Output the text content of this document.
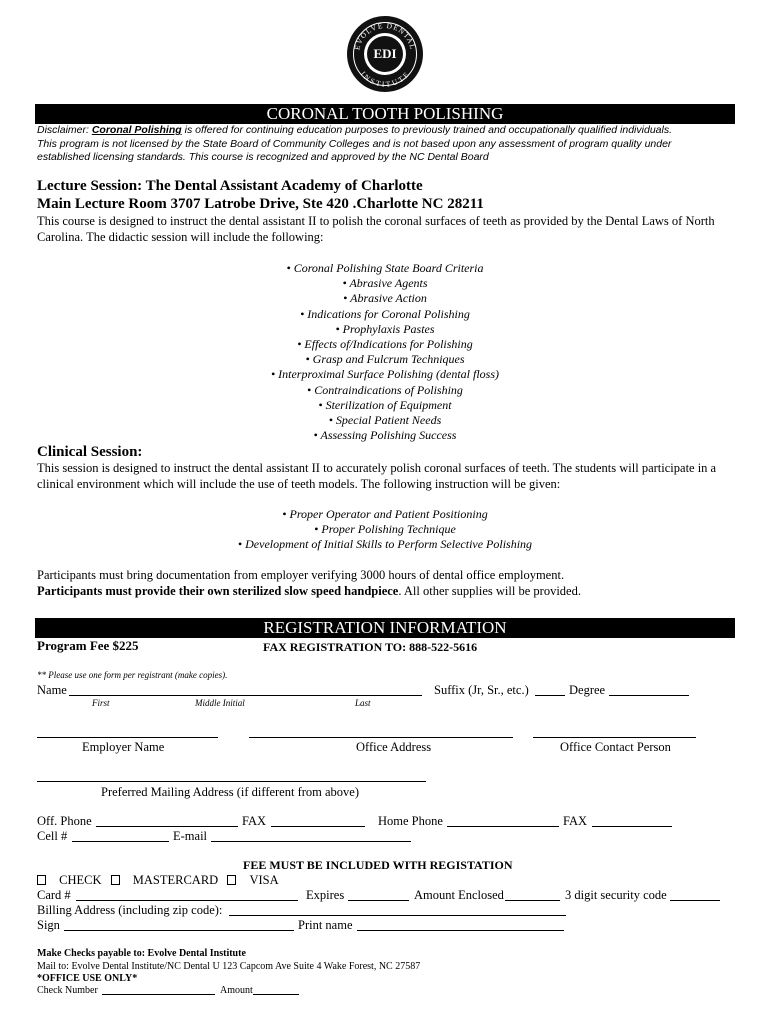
EVOLVE DENTAL
INSTITUTE
EDI
CORONAL TOOTH POLISHING
Disclaimer: Coronal Polishing is offered for continuing education purposes to previously trained and occupationally qualified individuals.
This program is not licensed by the State Board of Community Colleges and is not based upon any assessment of program quality under
established licensing standards. This course is recognized and approved by the NC Dental Board
Lecture Session: The Dental Assistant Academy of Charlotte
Main Lecture Room 3707 Latrobe Drive, Ste 420 .Charlotte NC 28211
This course is designed to instruct the dental assistant II to polish the coronal surfaces of teeth as provided by the Dental Laws of North
Carolina. The didactic session will include the following:
• Coronal Polishing State Board Criteria
• Abrasive Agents
• Abrasive Action
• Indications for Coronal Polishing
• Prophylaxis Pastes
• Effects of/Indications for Polishing
• Grasp and Fulcrum Techniques
• Interproximal Surface Polishing (dental floss)
• Contraindications of Polishing
• Sterilization of Equipment
• Special Patient Needs
• Assessing Polishing Success
Clinical Session:
This session is designed to instruct the dental assistant II to accurately polish coronal surfaces of teeth. The students will participate in a
clinical environment which will include the use of teeth models. The following instruction will be given:
• Proper Operator and Patient Positioning
• Proper Polishing Technique
• Development of Initial Skills to Perform Selective Polishing
Participants must bring documentation from employer verifying 3000 hours of dental office employment.
Participants must provide their own sterilized slow speed handpiece. All other supplies will be provided.
REGISTRATION INFORMATION
Program Fee $225	FAX REGISTRATION TO: 888-522-5616
** Please use one form per registrant (make copies).
Name	Suffix (Jr, Sr., etc.)	Degree
First	Middle Initial	Last
Employer Name	Office Address	Office Contact Person
Preferred Mailing Address (if different from above)
Off. Phone	FAX	Home Phone	FAX
Cell #	E-mail
FEE MUST BE INCLUDED WITH REGISTATION
CHECK	MASTERCARD	VISA
Card #	Expires	Amount Enclosed	3 digit security code
Billing Address (including zip code):
Sign	Print name
Make Checks payable to: Evolve Dental Institute
Mail to: Evolve Dental Institute/NC Dental U 123 Capcom Ave Suite 4 Wake Forest, NC 27587
*OFFICE USE ONLY*
Check Number	Amount
